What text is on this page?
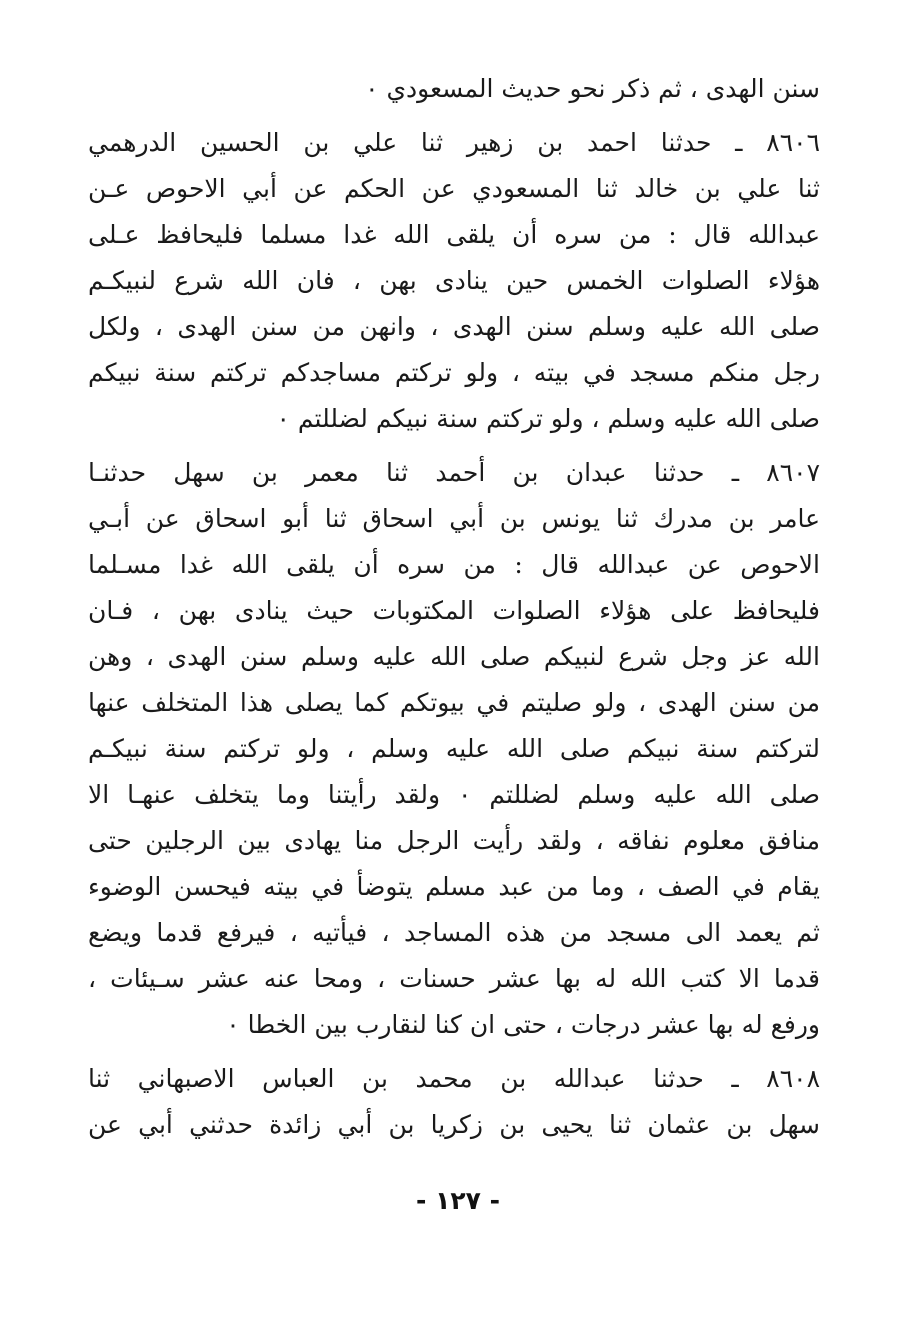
سنن الهدى ، ثم ذكر نحو حديث المسعودي ٠
٨٦٠٦ ـ حدثنا احمد بن زهير ثنا علي بن الحسين الدرهمي
ثنا علي بن خالد ثنا المسعودي عن الحكم عن أبي الاحوص عـن
عبدالله قال : من سره أن يلقى الله غدا مسلما فليحافظ عـلى
هؤلاء الصلوات الخمس حين ينادى بهن ، فان الله شرع لنبيكـم
صلى الله عليه وسلم سنن الهدى ، وانهن من سنن الهدى ، ولكل
رجل منكم مسجد في بيته ، ولو تركتم مساجدكم تركتم سنة نبيكم
صلى الله عليه وسلم ، ولو تركتم سنة نبيكم لضللتم ٠
٨٦٠٧ ـ حدثنا عبدان بن أحمد ثنا معمر بن سهل حدثنـا
عامر بن مدرك ثنا يونس بن أبي اسحاق ثنا أبو اسحاق عن أبـي
الاحوص عن عبدالله قال : من سره أن يلقى الله غدا مسـلما
فليحافظ على هؤلاء الصلوات المكتوبات حيث ينادى بهن ، فـان
الله عز وجل شرع لنبيكم صلى الله عليه وسلم سنن الهدى ، وهن
من سنن الهدى ، ولو صليتم في بيوتكم كما يصلى هذا المتخلف عنها
لتركتم سنة نبيكم صلى الله عليه وسلم ، ولو تركتم سنة نبيكـم
صلى الله عليه وسلم لضللتم ٠ ولقد رأيتنا وما يتخلف عنهـا الا
منافق معلوم نفاقه ، ولقد رأيت الرجل منا يهادى بين الرجلين حتى
يقام في الصف ، وما من عبد مسلم يتوضأ في بيته فيحسن الوضوء
ثم يعمد الى مسجد من هذه المساجد ، فيأتيه ، فيرفع قدما ويضع
قدما الا كتب الله له بها عشر حسنات ، ومحا عنه عشر سـيئات ،
ورفع له بها عشر درجات ، حتى ان كنا لنقارب بين الخطا ٠
٨٦٠٨ ـ حدثنا عبدالله بن محمد بن العباس الاصبهاني ثنا
سهل بن عثمان ثنا يحيى بن زكريا بن أبي زائدة حدثني أبي عن
- ١٢٧ -
